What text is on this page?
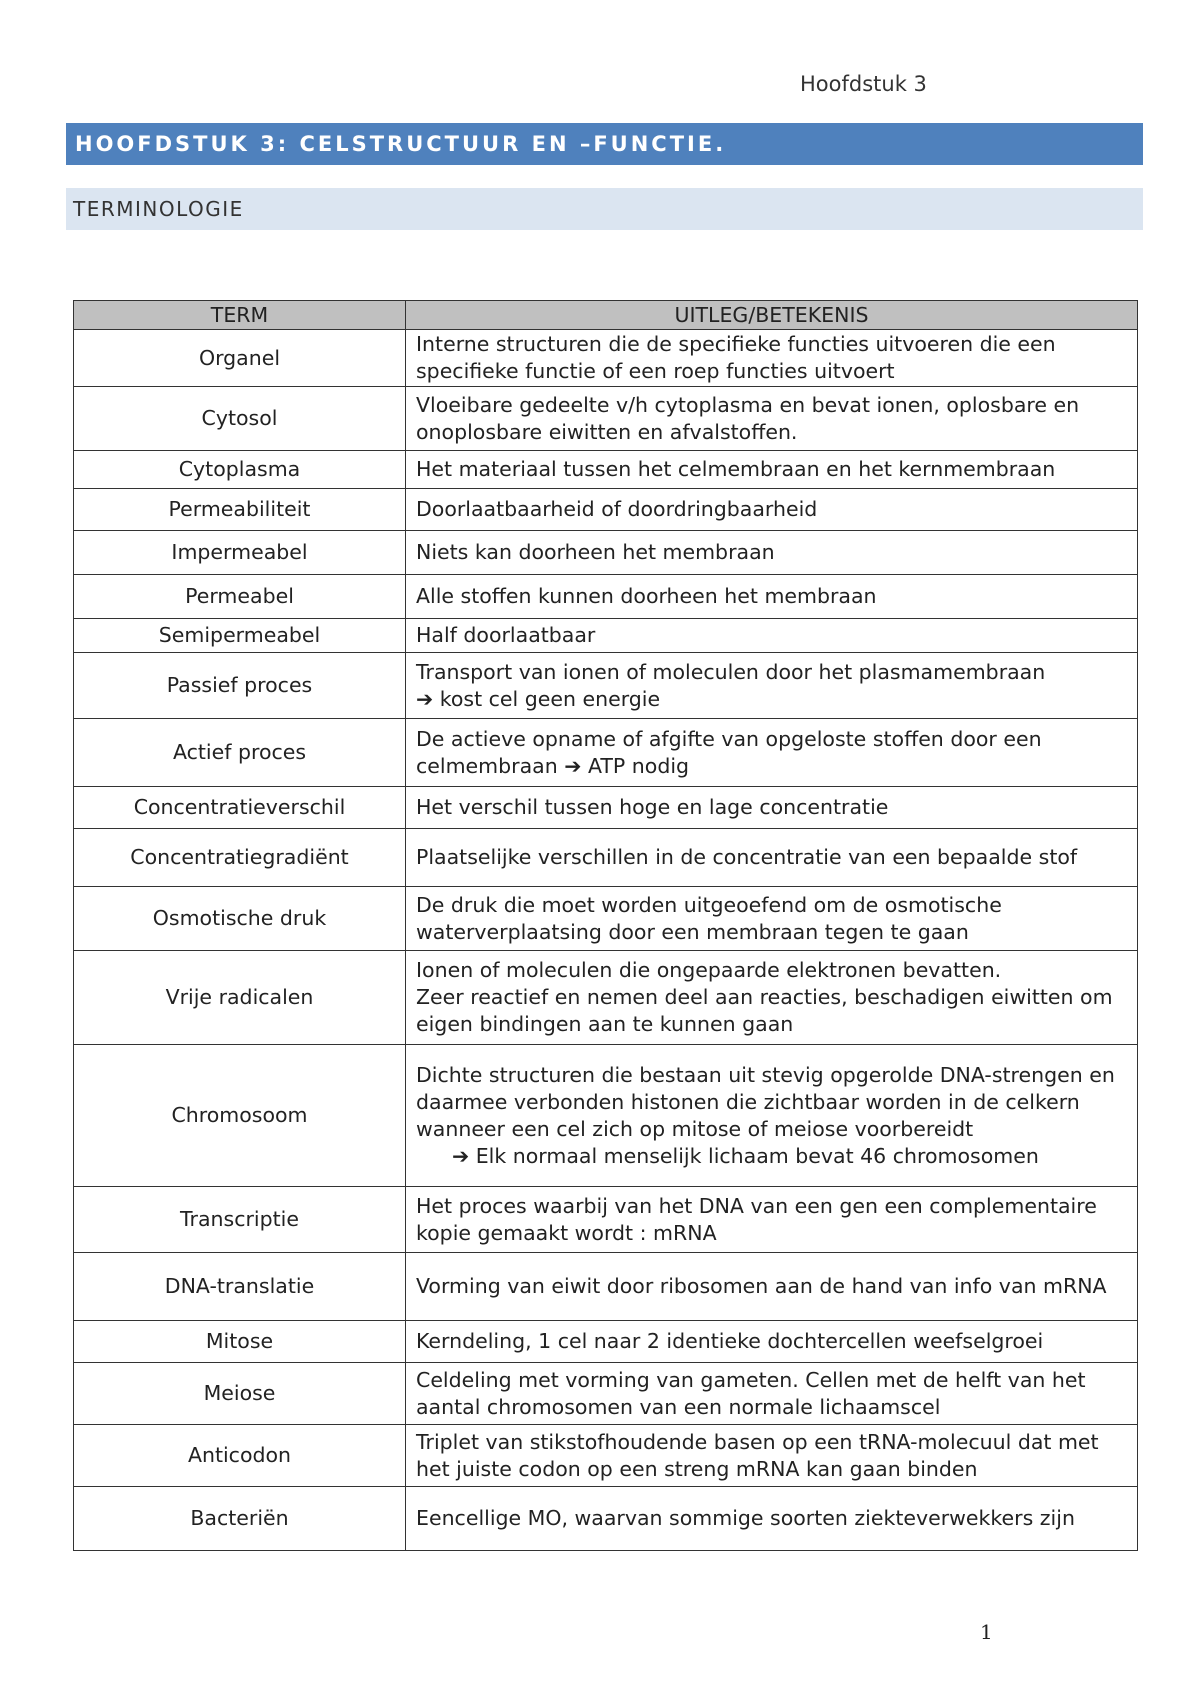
Hoofdstuk 3
HOOFDSTUK 3: CELSTRUCTUUR EN –FUNCTIE.
TERMINOLOGIE
TERM	UITLEG/BETEKENIS
Organel	Interne structuren die de specifieke functies uitvoeren die een specifieke functie of een roep functies uitvoert
Cytosol	Vloeibare gedeelte v/h cytoplasma en bevat ionen, oplosbare en onoplosbare eiwitten en afvalstoffen.
Cytoplasma	Het materiaal tussen het celmembraan en het kernmembraan
Permeabiliteit	Doorlaatbaarheid of doordringbaarheid
Impermeabel	Niets kan doorheen het membraan
Permeabel	Alle stoffen kunnen doorheen het membraan
Semipermeabel	Half doorlaatbaar
Passief proces	Transport van ionen of moleculen door het plasmamembraan
➔ kost cel geen energie
Actief proces	De actieve opname of afgifte van opgeloste stoffen door een celmembraan ➔ ATP nodig
Concentratieverschil	Het verschil tussen hoge en lage concentratie
Concentratiegradiënt	Plaatselijke verschillen in de concentratie van een bepaalde stof
Osmotische druk	De druk die moet worden uitgeoefend om de osmotische waterverplaatsing door een membraan tegen te gaan
Vrije radicalen	Ionen of moleculen die ongepaarde elektronen bevatten.
Zeer reactief en nemen deel aan reacties, beschadigen eiwitten om eigen bindingen aan te kunnen gaan
Chromosoom	Dichte structuren die bestaan uit stevig opgerolde DNA-strengen en daarmee verbonden histonen die zichtbaar worden in de celkern wanneer een cel zich op mitose of meiose voorbereidt
➔ Elk normaal menselijk lichaam bevat 46 chromosomen

Transcriptie	Het proces waarbij van het DNA van een gen een complementaire kopie gemaakt wordt : mRNA
DNA-translatie	Vorming van eiwit door ribosomen aan de hand van info van mRNA
Mitose	Kerndeling, 1 cel naar 2 identieke dochtercellen weefselgroei
Meiose	Celdeling met vorming van gameten. Cellen met de helft van het aantal chromosomen van een normale lichaamscel
Anticodon	Triplet van stikstofhoudende basen op een tRNA-molecuul dat met het juiste codon op een streng mRNA kan gaan binden
Bacteriën	Eencellige MO, waarvan sommige soorten ziekteverwekkers zijn
1
